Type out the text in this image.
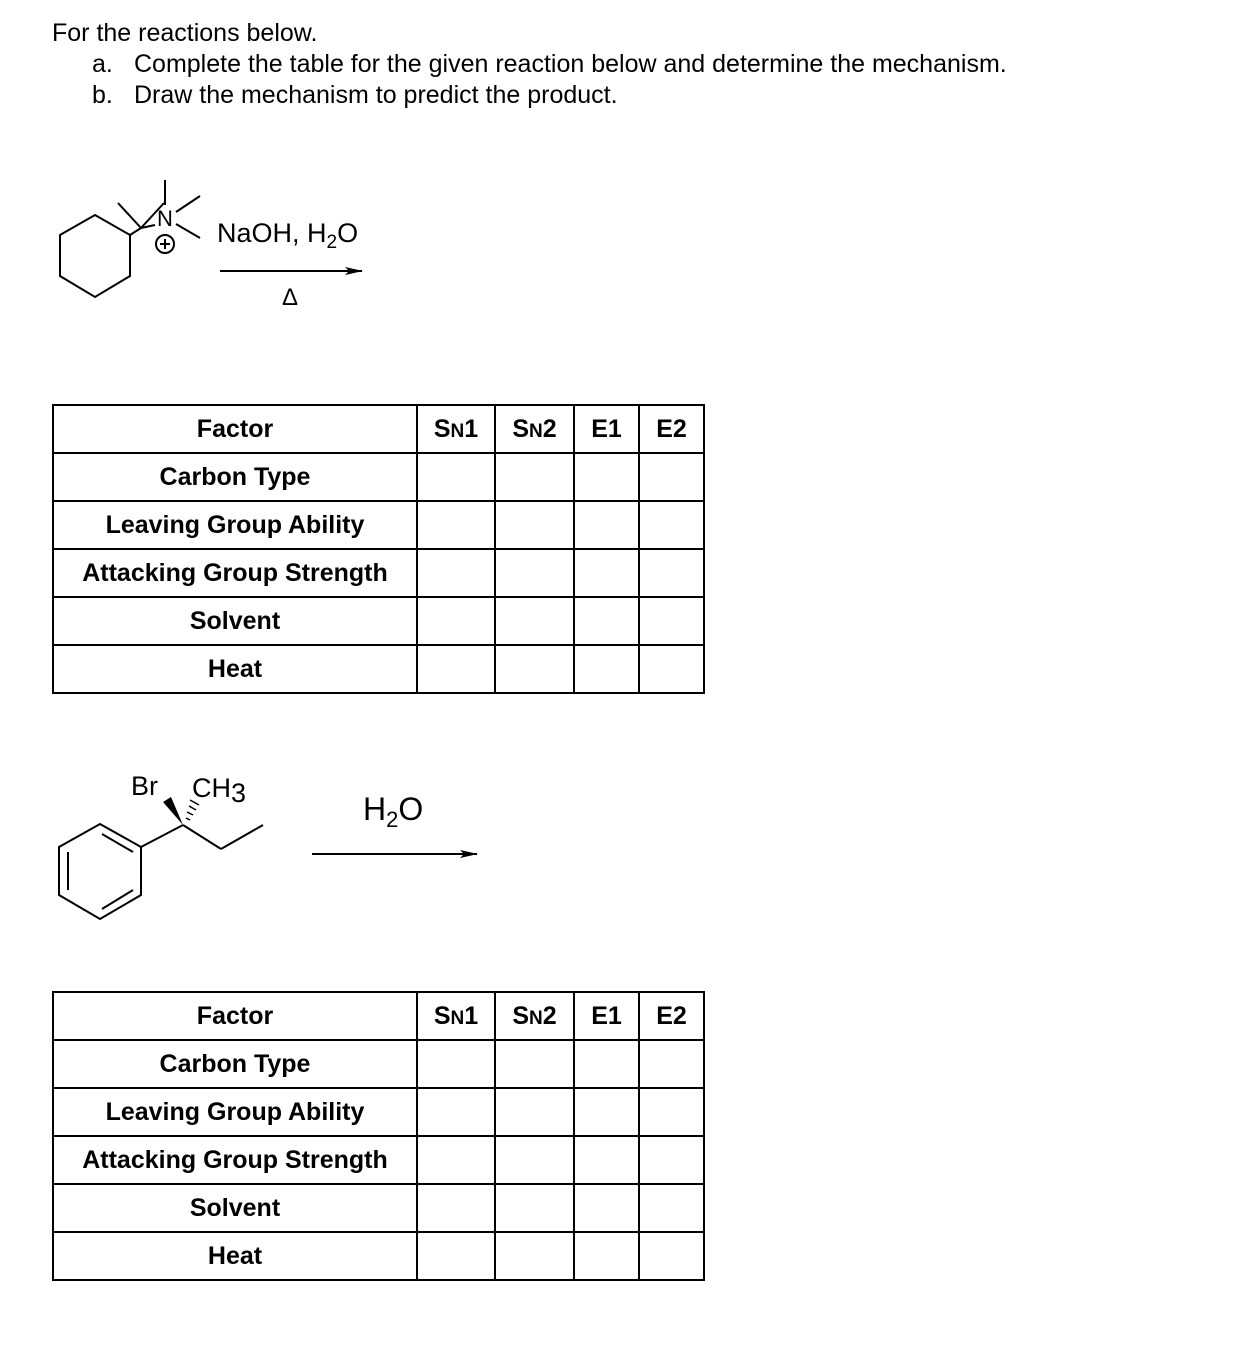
For the reactions below.
a. Complete the table for the given reaction below and determine the mechanism.
b. Draw the mechanism to predict the product.
N NaOH, $H_2O$
Δ
Factor	SN1	SN2	E1	E2
Carbon Type				
Leaving Group Ability				
Attacking Group Strength				
Solvent				
Heat				
Br CH3	$H_2O$
Factor	SN1	SN2	E1	E2
Carbon Type				
Leaving Group Ability				
Attacking Group Strength				
Solvent				
Heat				
